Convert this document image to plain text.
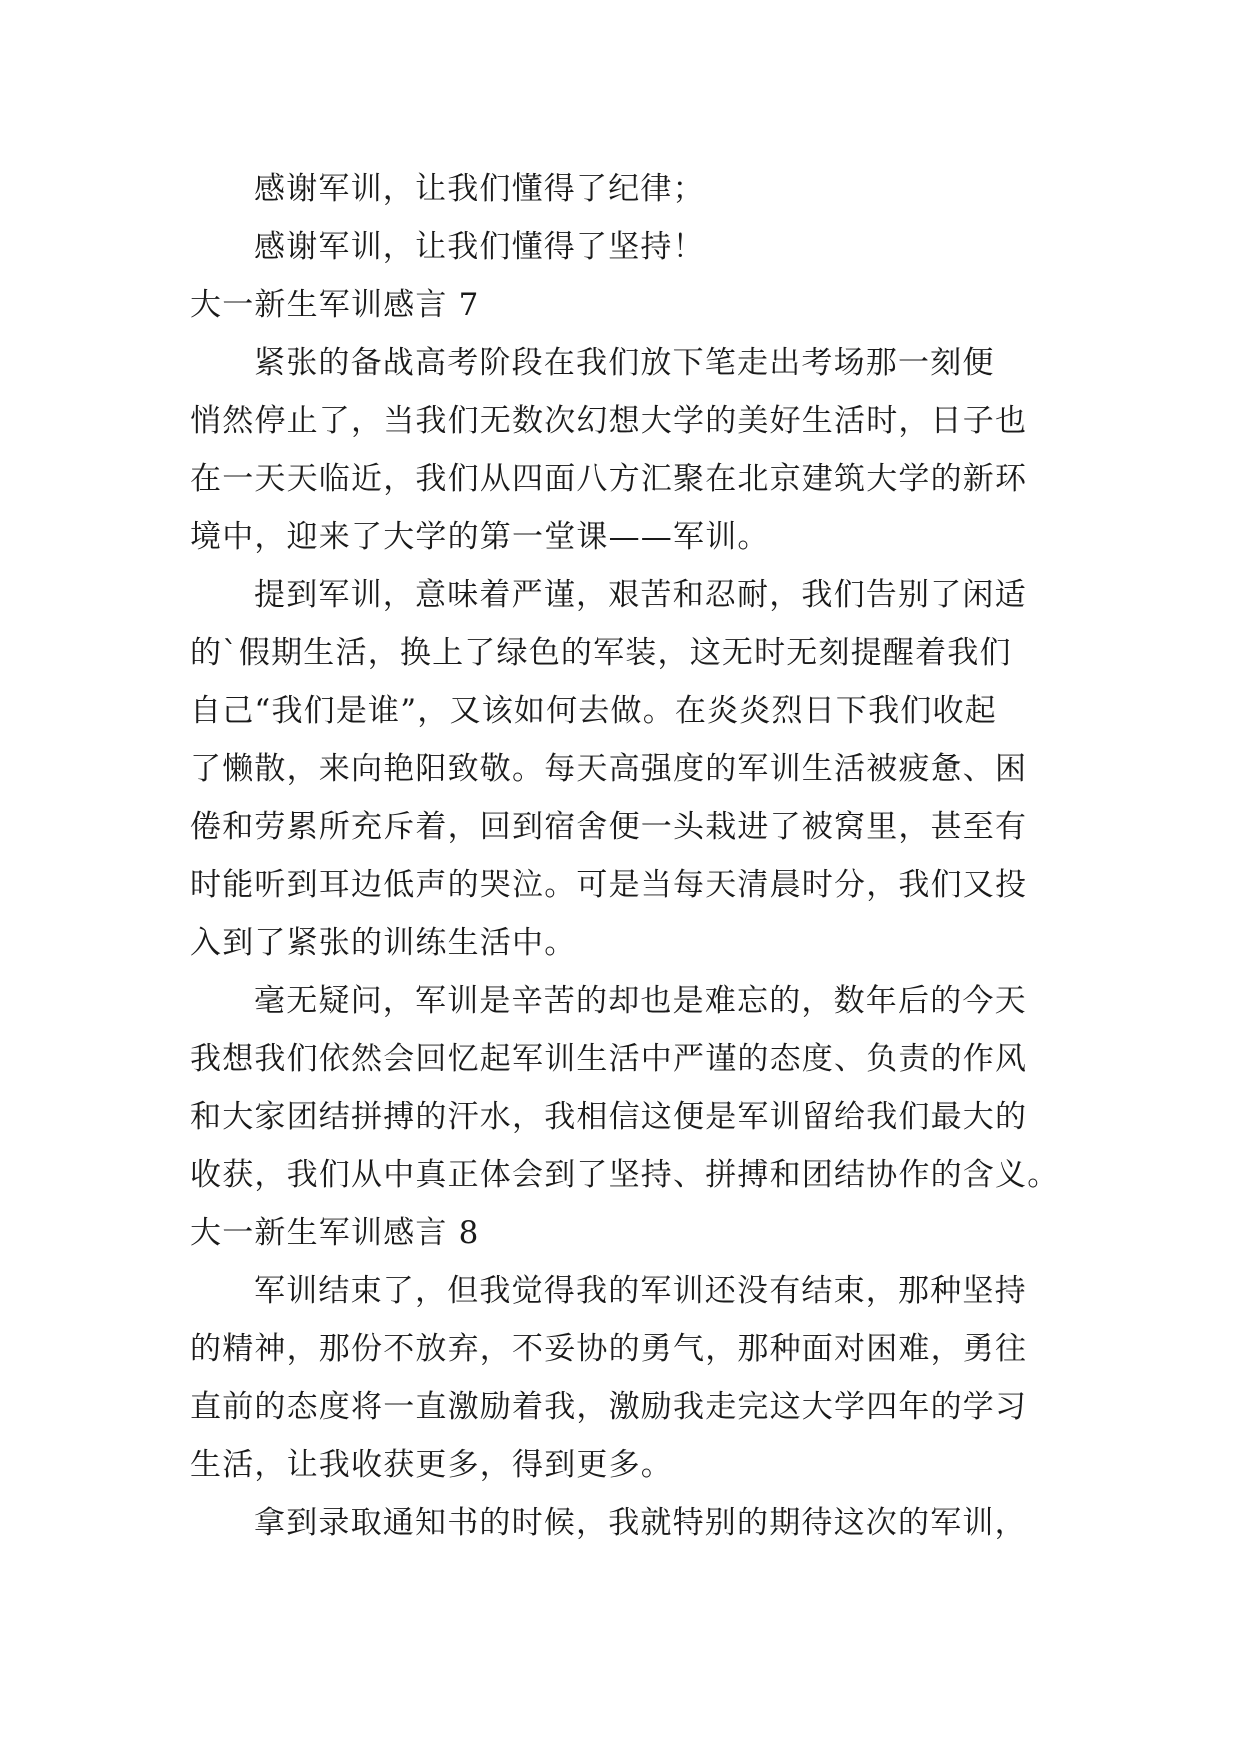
感谢军训，让我们懂得了纪律；
感谢军训，让我们懂得了坚持！
大一新生军训感言 7
紧张的备战高考阶段在我们放下笔走出考场那一刻便
悄然停止了，当我们无数次幻想大学的美好生活时，日子也
在一天天临近，我们从四面八方汇聚在北京建筑大学的新环
境中，迎来了大学的第一堂课——军训。
提到军训，意味着严谨，艰苦和忍耐，我们告别了闲适
的`假期生活，换上了绿色的军装，这无时无刻提醒着我们
自己“我们是谁”，又该如何去做。在炎炎烈日下我们收起
了懒散，来向艳阳致敬。每天高强度的军训生活被疲惫、困
倦和劳累所充斥着，回到宿舍便一头栽进了被窝里，甚至有
时能听到耳边低声的哭泣。可是当每天清晨时分，我们又投
入到了紧张的训练生活中。
毫无疑问，军训是辛苦的却也是难忘的，数年后的今天
我想我们依然会回忆起军训生活中严谨的态度、负责的作风
和大家团结拼搏的汗水，我相信这便是军训留给我们最大的
收获，我们从中真正体会到了坚持、拼搏和团结协作的含义。
大一新生军训感言 8
军训结束了，但我觉得我的军训还没有结束，那种坚持
的精神，那份不放弃，不妥协的勇气，那种面对困难，勇往
直前的态度将一直激励着我，激励我走完这大学四年的学习
生活，让我收获更多，得到更多。
拿到录取通知书的时候，我就特别的期待这次的军训，
